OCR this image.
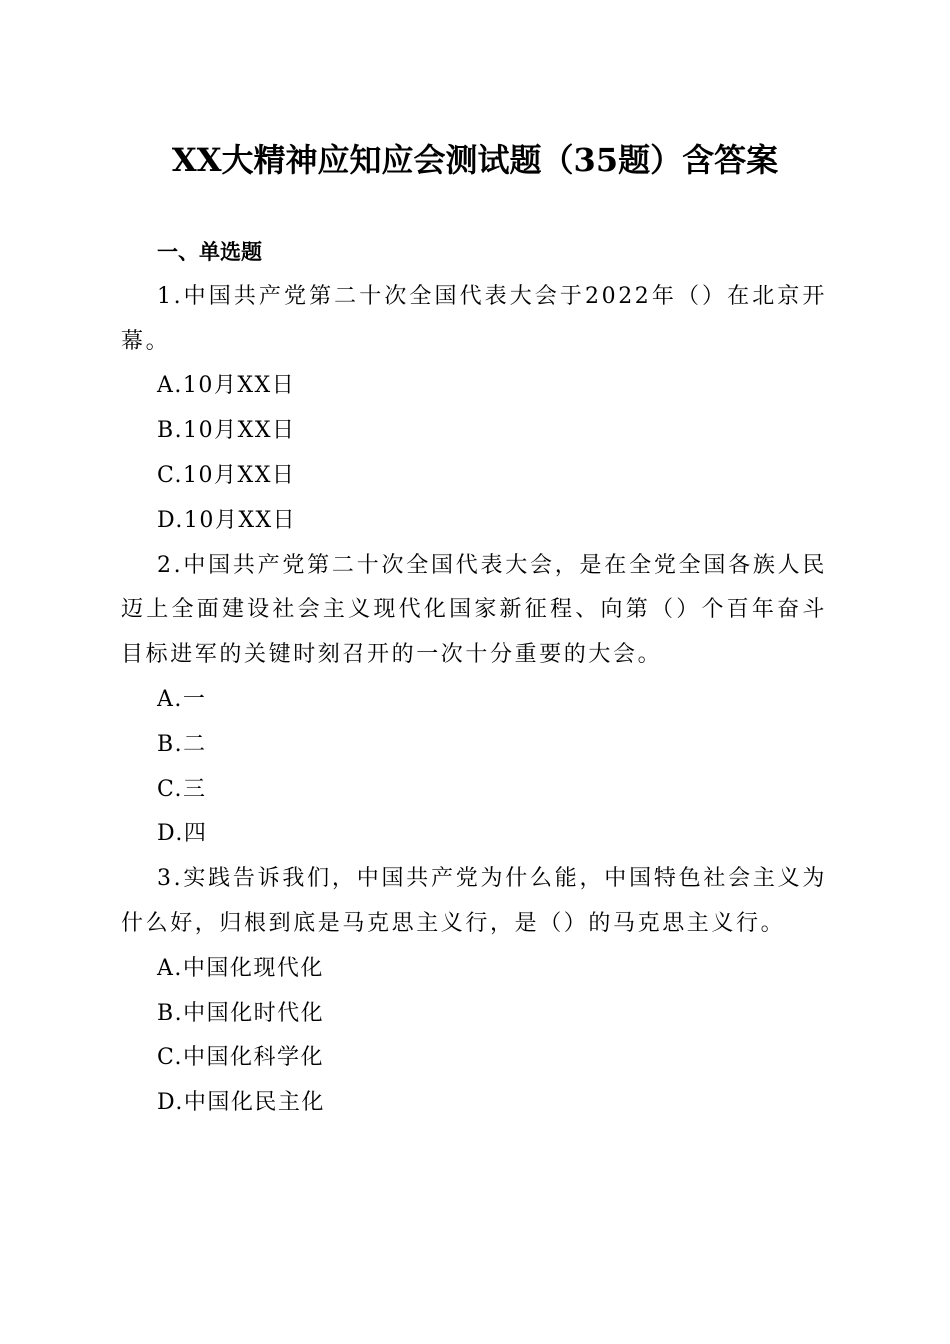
XX大精神应知应会测试题（35题）含答案
一、单选题
1.中国共产党第二十次全国代表大会于2022年（）在北京开幕。
A.10月XX日
B.10月XX日
C.10月XX日
D.10月XX日
2.中国共产党第二十次全国代表大会，是在全党全国各族人民迈上全面建设社会主义现代化国家新征程、向第（）个百年奋斗目标进军的关键时刻召开的一次十分重要的大会。
A.一
B.二
C.三
D.四
3.实践告诉我们，中国共产党为什么能，中国特色社会主义为什么好，归根到底是马克思主义行，是（）的马克思主义行。
A.中国化现代化
B.中国化时代化
C.中国化科学化
D.中国化民主化
